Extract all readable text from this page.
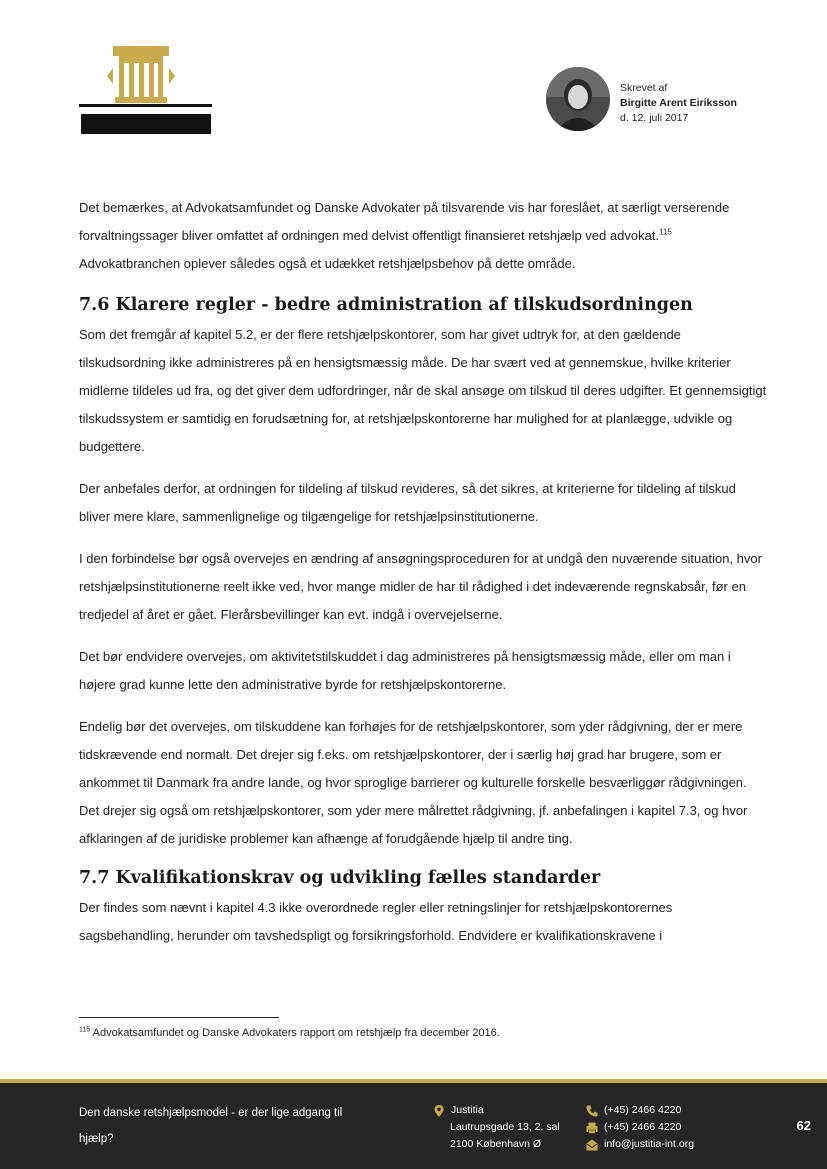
Skrevet af
Birgitte Arent Eiriksson
d. 12. juli 2017

Det bemærkes, at Advokatsamfundet og Danske Advokater på tilsvarende vis har foreslået, at særligt verserende forvaltningssager bliver omfattet af ordningen med delvist offentligt finansieret retshjælp ved advokat.$^{115}$ Advokatbranchen oplever således også et udækket retshjælpsbehov på dette område.

7.6 Klarere regler - bedre administration af tilskudsordningen

Som det fremgår af kapitel 5.2, er der flere retshjælpskontorer, som har givet udtryk for, at den gældende tilskudsordning ikke administreres på en hensigtsmæssig måde. De har svært ved at gennemskue, hvilke kriterier midlerne tildeles ud fra, og det giver dem udfordringer, når de skal ansøge om tilskud til deres udgifter. Et gennemsigtigt tilskudssystem er samtidig en forudsætning for, at retshjælpskontorerne har mulighed for at planlægge, udvikle og budgettere.

Der anbefales derfor, at ordningen for tildeling af tilskud revideres, så det sikres, at kriterierne for tildeling af tilskud bliver mere klare, sammenlignelige og tilgængelige for retshjælpsinstitutionerne.

I den forbindelse bør også overvejes en ændring af ansøgningsproceduren for at undgå den nuværende situation, hvor retshjælpsinstitutionerne reelt ikke ved, hvor mange midler de har til rådighed i det indeværende regnskabsår, før en tredjedel af året er gået. Flerårsbevillinger kan evt. indgå i overvejelserne.

Det bør endvidere overvejes, om aktivitetstilskuddet i dag administreres på hensigtsmæssig måde, eller om man i højere grad kunne lette den administrative byrde for retshjælpskontorerne.

Endelig bør det overvejes, om tilskuddene kan forhøjes for de retshjælpskontorer, som yder rådgivning, der er mere tidskrævende end normalt. Det drejer sig f.eks. om retshjælpskontorer, der i særlig høj grad har brugere, som er ankommet til Danmark fra andre lande, og hvor sproglige barrierer og kulturelle forskelle besværliggør rådgivningen. Det drejer sig også om retshjælpskontorer, som yder mere målrettet rådgivning, jf. anbefalingen i kapitel 7.3, og hvor afklaringen af de juridiske problemer kan afhænge af forudgående hjælp til andre ting.

7.7 Kvalifikationskrav og udvikling fælles standarder

Der findes som nævnt i kapitel 4.3 ikke overordnede regler eller retningslinjer for retshjælpskontorernes sagsbehandling, herunder om tavshedspligt og forsikringsforhold. Endvidere er kvalifikationskravene i

$^{115}$ Advokatsamfundet og Danske Advokaters rapport om retshjælp fra december 2016.
Den danske retshjælpsmodel - er der lige adgang til hjælp?
Justitia
Lautrupsgade 13, 2. sal
2100 København Ø
(+45) 2466 4220
(+45) 2466 4220
info@justitia-int.org
62
